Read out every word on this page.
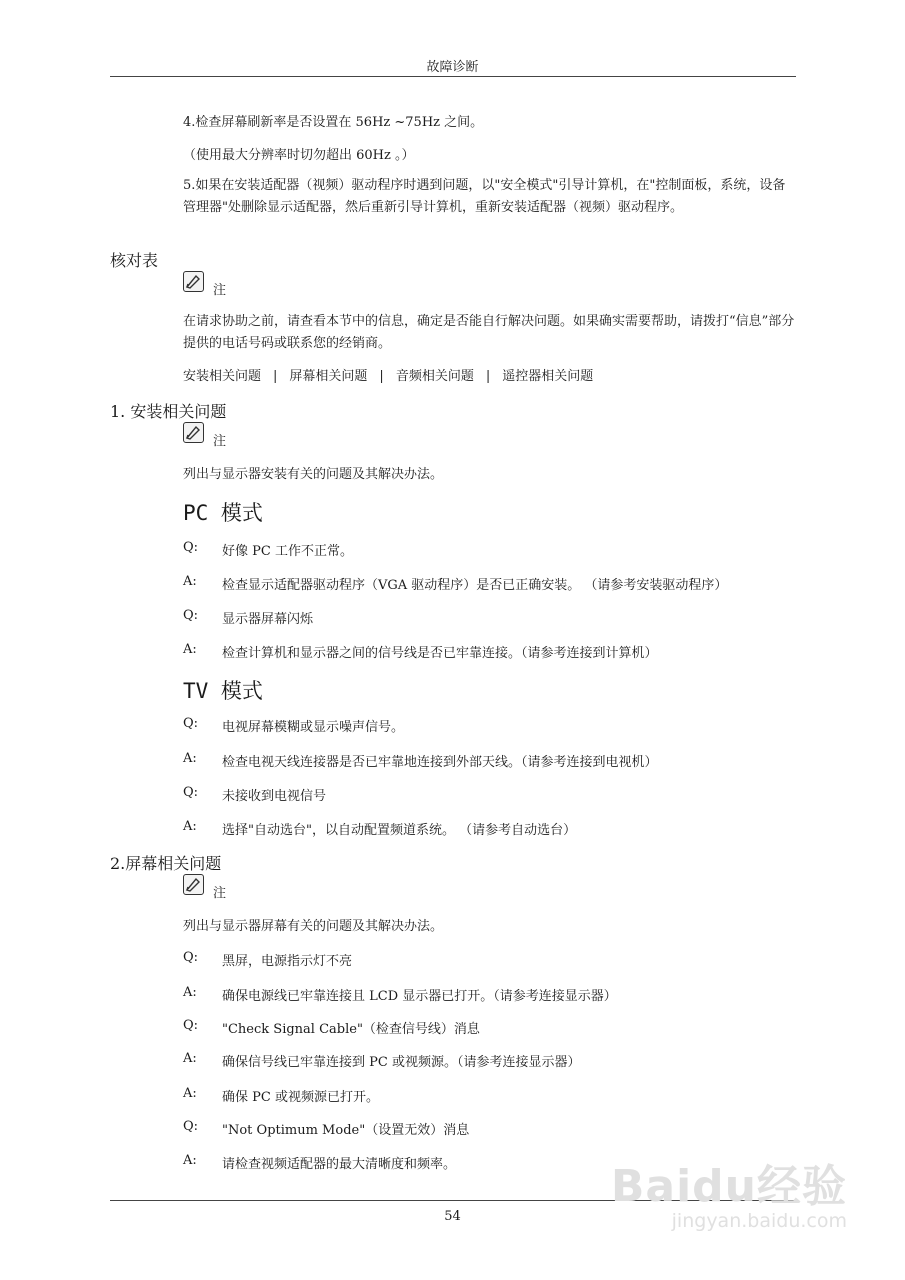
故障诊断
4.检查屏幕刷新率是否设置在 56Hz ~75Hz 之间。
（使用最大分辨率时切勿超出 60Hz 。）
5.如果在安装适配器（视频）驱动程序时遇到问题，以"安全模式"引导计算机，在"控制面板，系统，设备管理器"处删除显示适配器，然后重新引导计算机，重新安装适配器（视频）驱动程序。
核对表
注
在请求协助之前，请查看本节中的信息，确定是否能自行解决问题。如果确实需要帮助，请拨打“信息”部分提供的电话号码或联系您的经销商。
安装相关问题 | 屏幕相关问题 | 音频相关问题 | 遥控器相关问题
1. 安装相关问题
注
列出与显示器安装有关的问题及其解决办法。
PC 模式
Q: 好像 PC 工作不正常。
A: 检查显示适配器驱动程序（VGA 驱动程序）是否已正确安装。 （请参考安装驱动程序）
Q: 显示器屏幕闪烁
A: 检查计算机和显示器之间的信号线是否已牢靠连接。（请参考连接到计算机）
TV 模式
Q: 电视屏幕模糊或显示噪声信号。
A: 检查电视天线连接器是否已牢靠地连接到外部天线。（请参考连接到电视机）
Q: 未接收到电视信号
A: 选择"自动选台"，以自动配置频道系统。 （请参考自动选台）
2.屏幕相关问题
注
列出与显示器屏幕有关的问题及其解决办法。
Q: 黑屏，电源指示灯不亮
A: 确保电源线已牢靠连接且 LCD 显示器已打开。（请参考连接显示器）
Q: "Check Signal Cable"（检查信号线）消息
A: 确保信号线已牢靠连接到 PC 或视频源。（请参考连接显示器）
A: 确保 PC 或视频源已打开。
Q: "Not Optimum Mode"（设置无效）消息
A: 请检查视频适配器的最大清晰度和频率。
54
Baidu经验
jingyan.baidu.com
